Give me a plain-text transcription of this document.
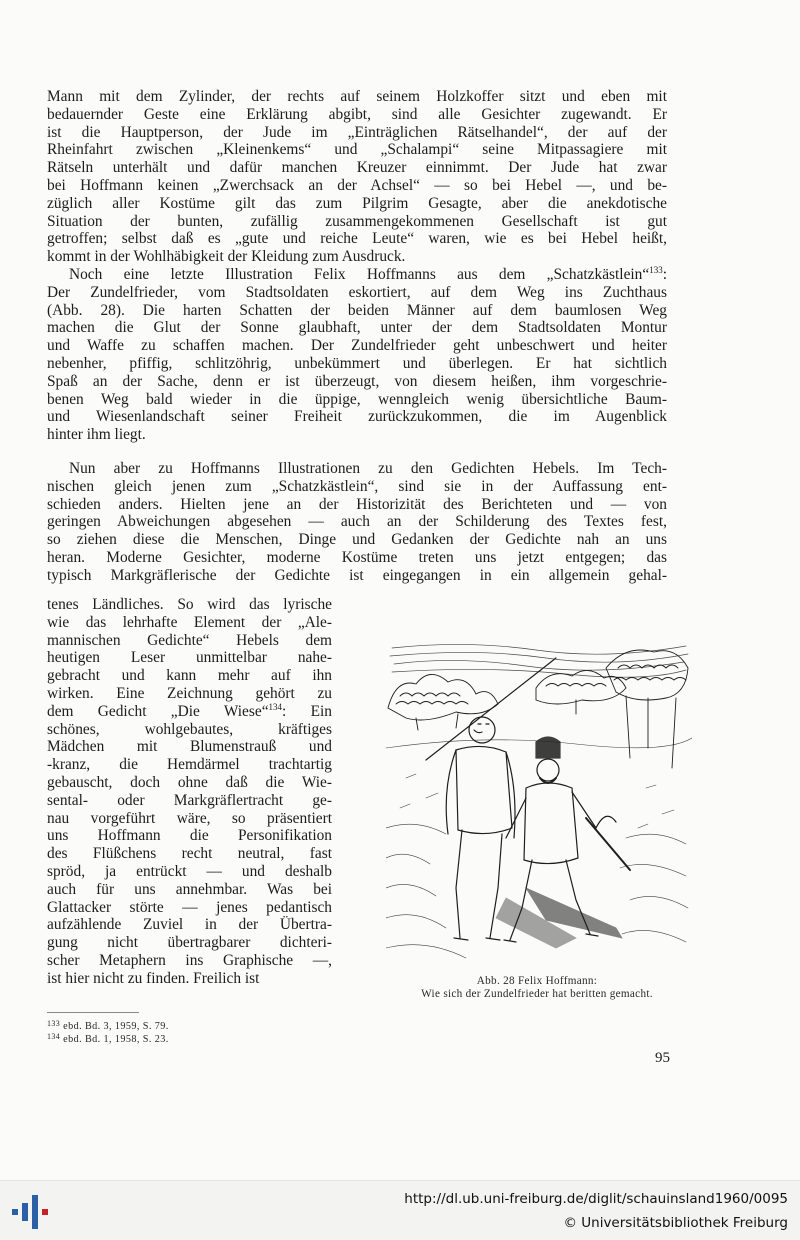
Mann mit dem Zylinder, der rechts auf seinem Holzkoffer sitzt und eben mit
bedauernder Geste eine Erklärung abgibt, sind alle Gesichter zugewandt. Er
ist die Hauptperson, der Jude im „Einträglichen Rätselhandel“, der auf der
Rheinfahrt zwischen „Kleinenkems“ und „Schalampi“ seine Mitpassagiere mit
Rätseln unterhält und dafür manchen Kreuzer einnimmt. Der Jude hat zwar
bei Hoffmann keinen „Zwerchsack an der Achsel“ — so bei Hebel —, und be-
züglich aller Kostüme gilt das zum Pilgrim Gesagte, aber die anekdotische
Situation der bunten, zufällig zusammengekommenen Gesellschaft ist gut
getroffen; selbst daß es „gute und reiche Leute“ waren, wie es bei Hebel heißt,
kommt in der Wohlhäbigkeit der Kleidung zum Ausdruck.
Noch eine letzte Illustration Felix Hoffmanns aus dem „Schatzkästlein“$^{133}$:
Der Zundelfrieder, vom Stadtsoldaten eskortiert, auf dem Weg ins Zuchthaus
(Abb. 28). Die harten Schatten der beiden Männer auf dem baumlosen Weg
machen die Glut der Sonne glaubhaft, unter der dem Stadtsoldaten Montur
und Waffe zu schaffen machen. Der Zundelfrieder geht unbeschwert und heiter
nebenher, pfiffig, schlitzöhrig, unbekümmert und überlegen. Er hat sichtlich
Spaß an der Sache, denn er ist überzeugt, von diesem heißen, ihm vorgeschrie-
benen Weg bald wieder in die üppige, wenngleich wenig übersichtliche Baum-
und Wiesenlandschaft seiner Freiheit zurückzukommen, die im Augenblick
hinter ihm liegt.
Nun aber zu Hoffmanns Illustrationen zu den Gedichten Hebels. Im Tech-
nischen gleich jenen zum „Schatzkästlein“, sind sie in der Auffassung ent-
schieden anders. Hielten jene an der Historizität des Berichteten und — von
geringen Abweichungen abgesehen — auch an der Schilderung des Textes fest,
so ziehen diese die Menschen, Dinge und Gedanken der Gedichte nah an uns
heran. Moderne Gesichter, moderne Kostüme treten uns jetzt entgegen; das
typisch Markgräflerische der Gedichte ist eingegangen in ein allgemein gehal-
tenes Ländliches. So wird das lyrische
wie das lehrhafte Element der „Ale-
mannischen Gedichte“ Hebels dem
heutigen Leser unmittelbar nahe-
gebracht und kann mehr auf ihn
wirken. Eine Zeichnung gehört zu
dem Gedicht „Die Wiese“$^{134}$: Ein
schönes, wohlgebautes, kräftiges
Mädchen mit Blumenstrauß und
-kranz, die Hemdärmel trachtartig
gebauscht, doch ohne daß die Wie-
sental- oder Markgräflertracht ge-
nau vorgeführt wäre, so präsentiert
uns Hoffmann die Personifikation
des Flüßchens recht neutral, fast
spröd, ja entrückt — und deshalb
auch für uns annehmbar. Was bei
Glattacker störte — jenes pedantisch
aufzählende Zuviel in der Übertra-
gung nicht übertragbarer dichteri-
scher Metaphern ins Graphische —,
ist hier nicht zu finden. Freilich ist	Abb. 28 Felix Hoffmann:
Wie sich der Zundelfrieder hat beritten gemacht.
$^{133}$ ebd. Bd. 3, 1959, S. 79.
$^{134}$ ebd. Bd. 1, 1958, S. 23.
95
http://dl.ub.uni-freiburg.de/diglit/schauinsland1960/0095
© Universitätsbibliothek Freiburg
